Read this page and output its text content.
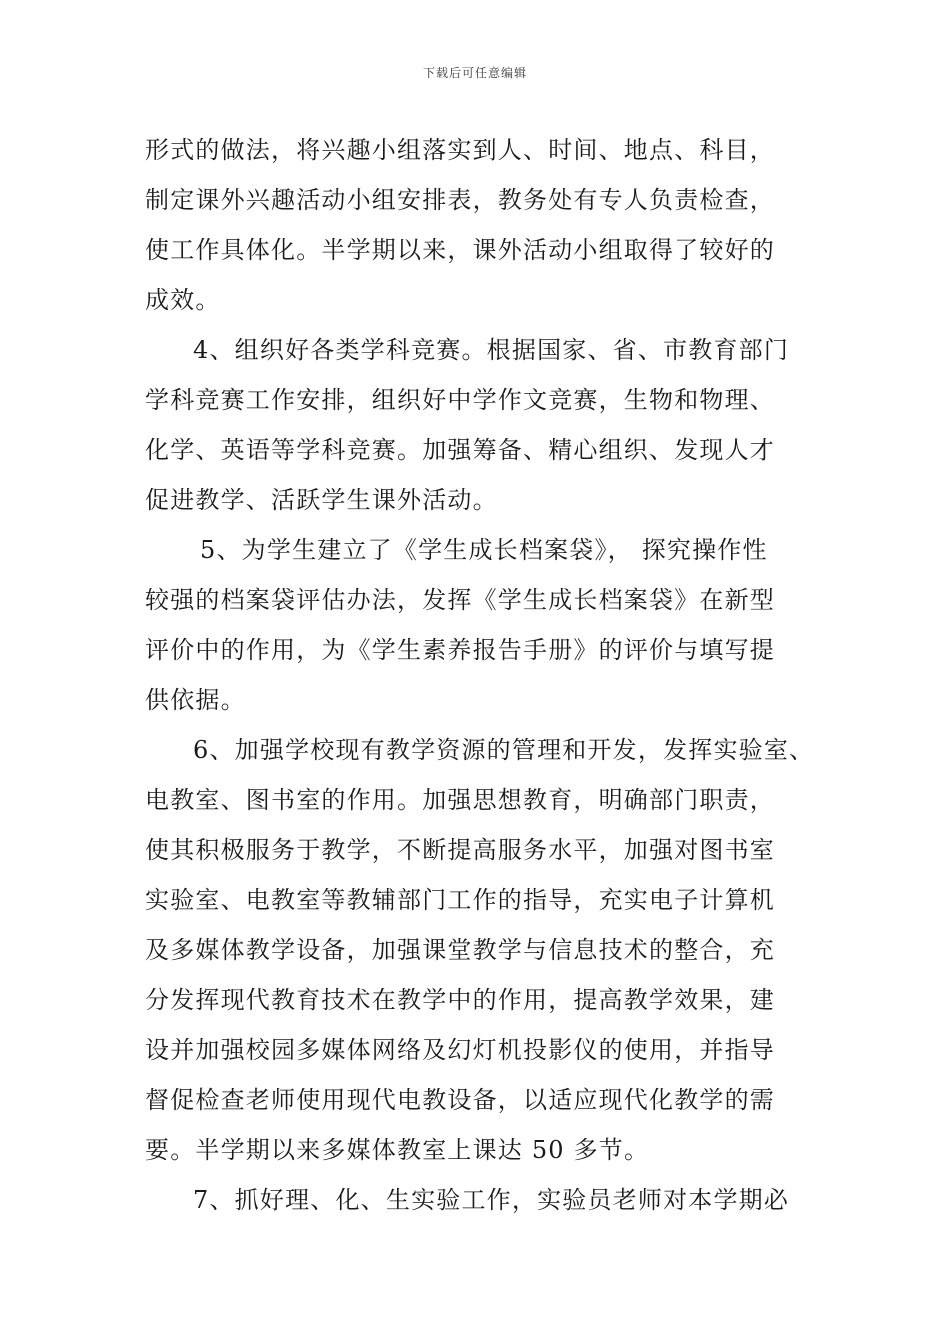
下载后可任意编辑
形式的做法，将兴趣小组落实到人、时间、地点、科目，
制定课外兴趣活动小组安排表，教务处有专人负责检查，
使工作具体化。半学期以来，课外活动小组取得了较好的
成效。
4、组织好各类学科竞赛。根据国家、省、市教育部门
学科竞赛工作安排，组织好中学作文竞赛，生物和物理、
化学、英语等学科竞赛。加强筹备、精心组织、发现人才
促进教学、活跃学生课外活动。
5、为学生建立了《学生成长档案袋》， 探究操作性
较强的档案袋评估办法，发挥《学生成长档案袋》在新型
评价中的作用，为《学生素养报告手册》的评价与填写提
供依据。
6、加强学校现有教学资源的管理和开发，发挥实验室、
电教室、图书室的作用。加强思想教育，明确部门职责，
使其积极服务于教学，不断提高服务水平，加强对图书室
实验室、电教室等教辅部门工作的指导，充实电子计算机
及多媒体教学设备，加强课堂教学与信息技术的整合，充
分发挥现代教育技术在教学中的作用，提高教学效果，建
设并加强校园多媒体网络及幻灯机投影仪的使用，并指导
督促检查老师使用现代电教设备，以适应现代化教学的需
要。半学期以来多媒体教室上课达 50 多节。
7、抓好理、化、生实验工作，实验员老师对本学期必
